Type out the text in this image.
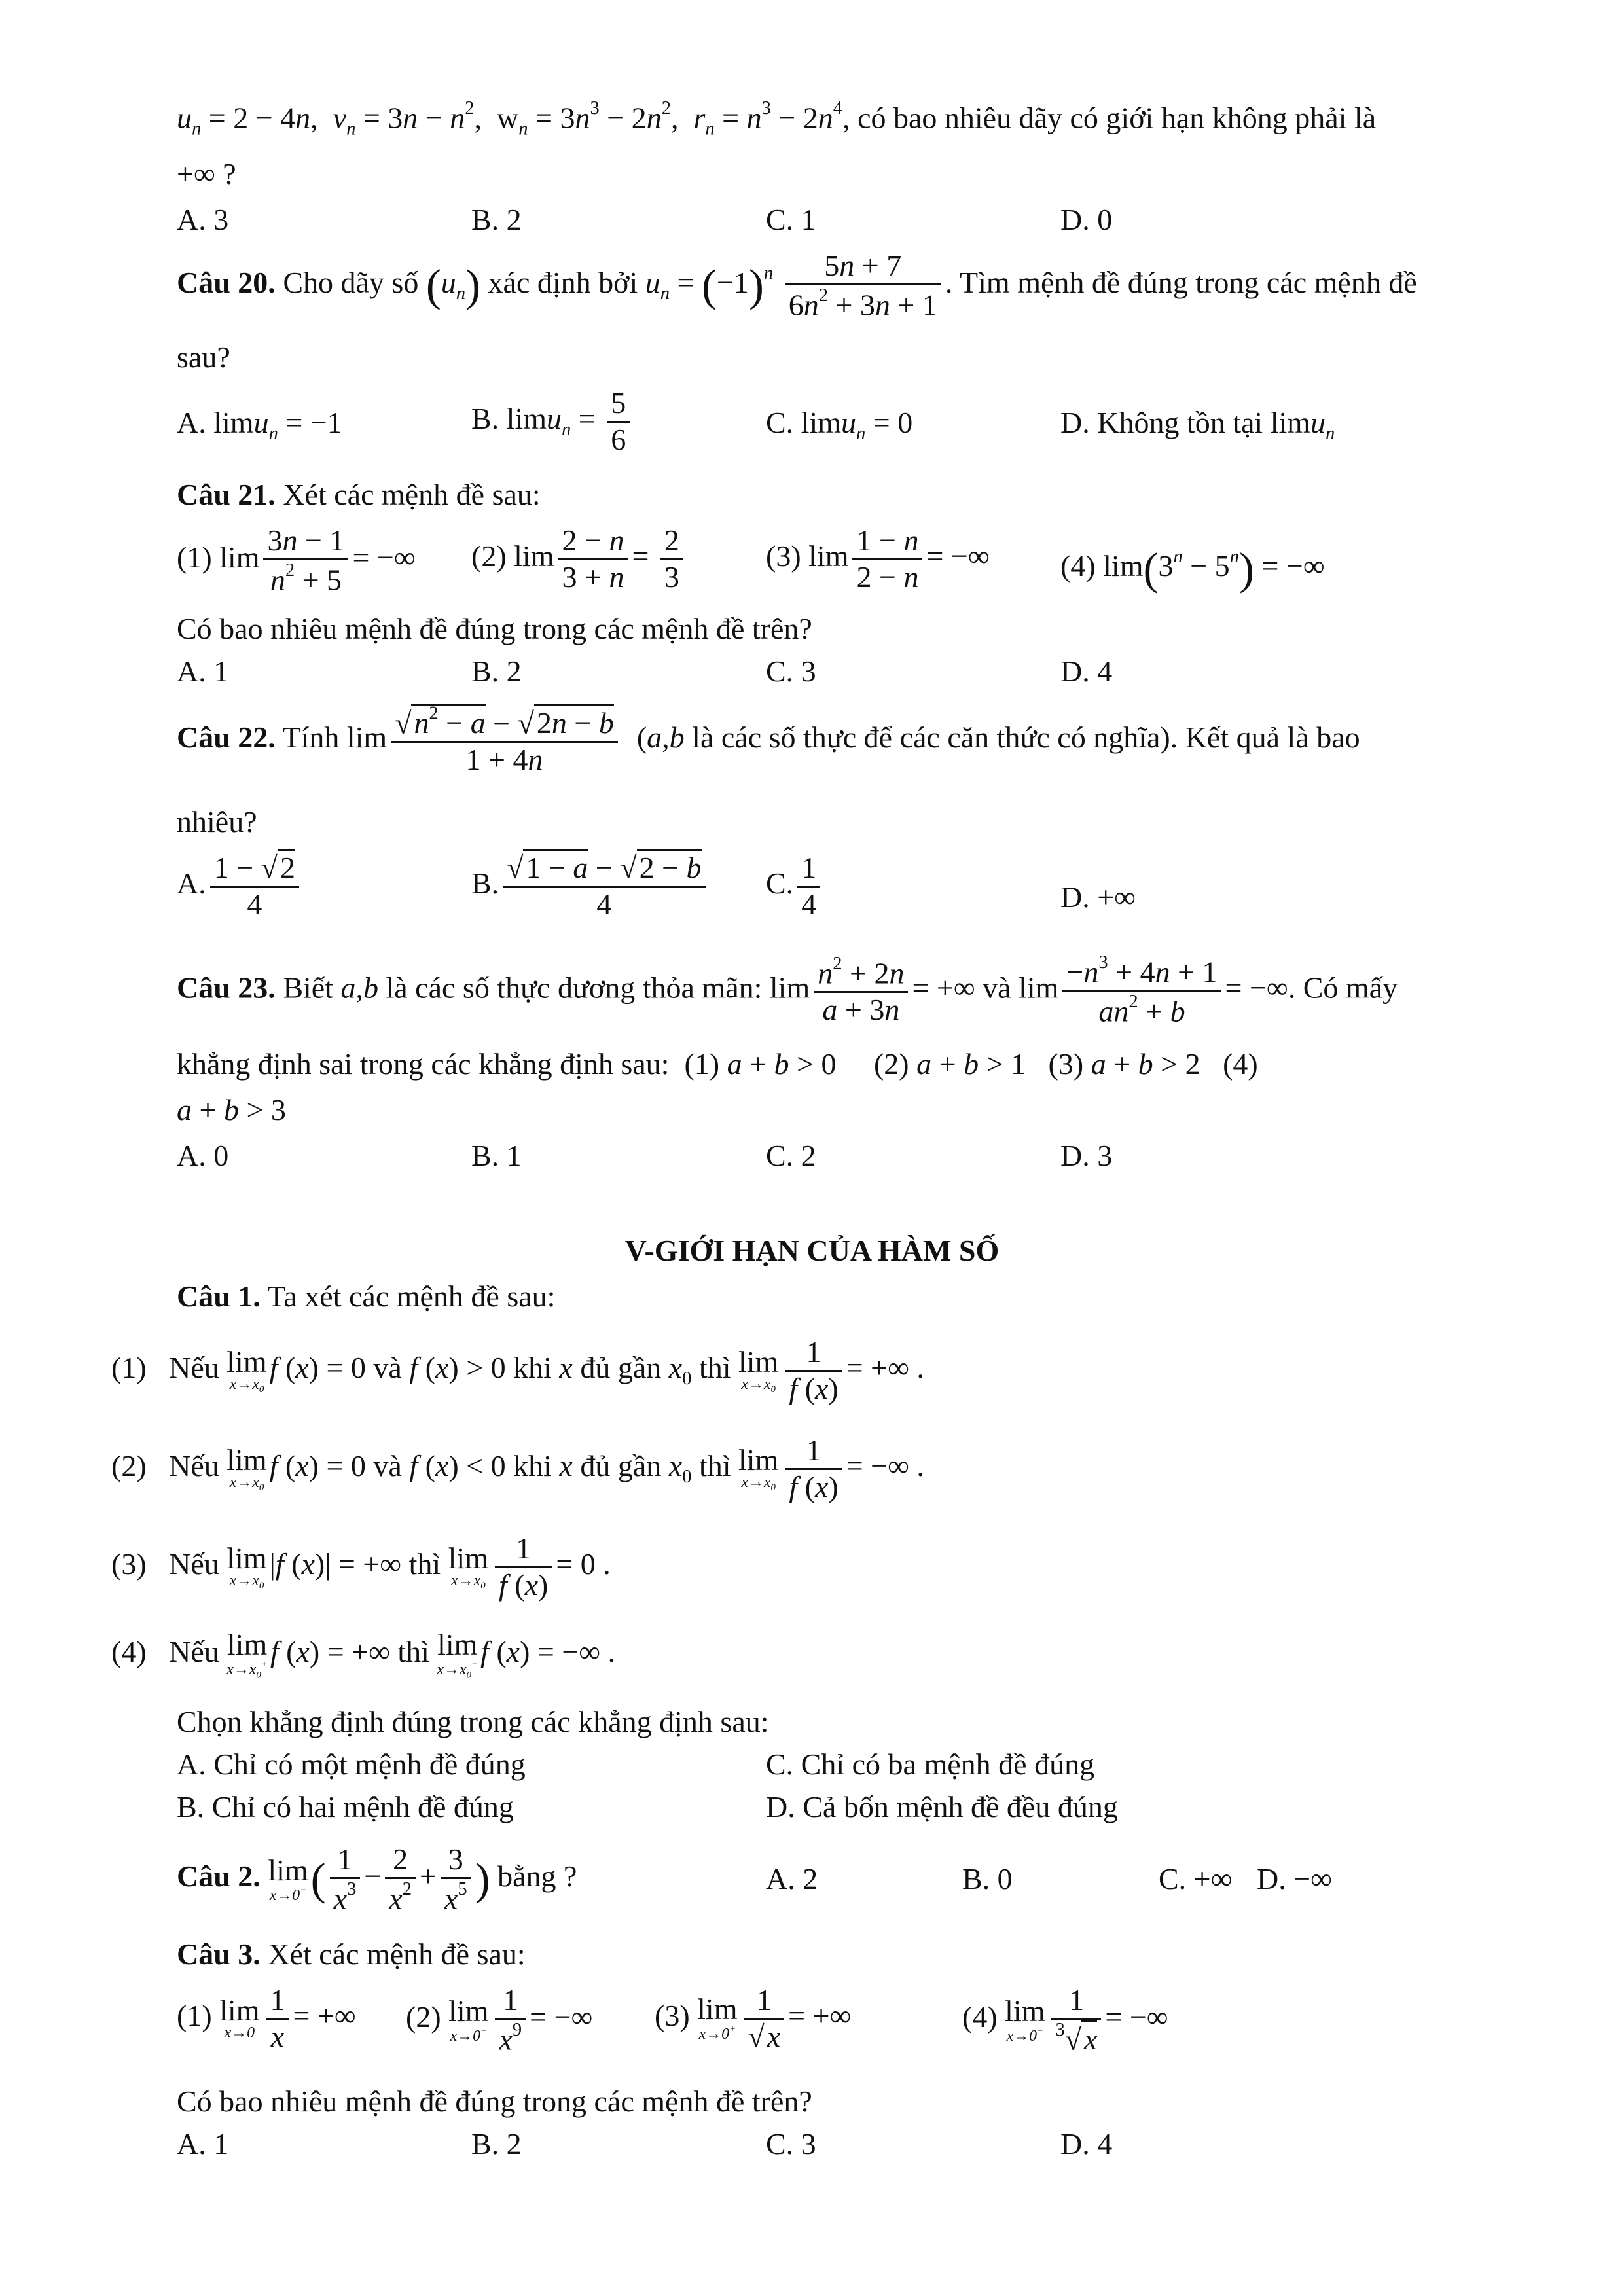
$u_n = 2 - 4n$,  $v_n = 3n - n^2$,  $w_n = 3n^3 - 2n^2$,  $r_n = n^3 - 2n^4$, có bao nhiêu dãy có giới hạn không phải là
+∞ ?
A. 3	B. 2	C. 1	D. 0
Câu 20. Cho dãy số $(u_n)$ xác định bởi $u_n = (-1)^n \frac{5n + 7}{6n^2 + 3n + 1}$ . Tìm mệnh đề đúng trong các mệnh đề
sau?
A. limu$_n$ = −1	B. $\lim u_n = \frac{5}{6}$	C. limu$_n$ = 0	D. Không tồn tại limu$_n$
Câu 21. Xét các mệnh đề sau:
(1) $\lim \frac{3n - 1}{n^2 + 5}$ = −∞ (2) $\lim \frac{2 - n}{3 + n} = \frac{2}{3}$	(3) $\lim \frac{1 - n}{2 - n}$ = −∞ (4) $\lim(3^n - 5^n)$ = −∞
Có bao nhiêu mệnh đề đúng trong các mệnh đề trên?
A. 1	B. 2	C. 3	D. 4
Câu 22. Tính $\lim \frac{√n^2 - a - √2n - b}{1 + 4n} (a,b$ là các số thực để các căn thức có nghĩa). Kết quả là bao
nhiêu?
A. $\frac{1 - √2}{4}$	B. $\frac{√1 - a - √2 - b}{4} C$. $\frac{1}{4}$	D. +∞
Câu 23. Biết a,b là các số thực dương thỏa mãn: $\lim \frac{n^2 + 2n}{a + 3n}$ = +∞ và $\lim \frac{-n^3 + 4n + 1}{an^2 + b}$ = −∞. Có mấy
khẳng định sai trong các khẳng định sau:  (1) a + b > 0     (2) a + b > 1   (3) a + b > 2   (4)
a + b > 3
A. 0	B. 1	C. 2	D. 3
V-GIỚI HẠN CỦA HÀM SỐ
Câu 1. Ta xét các mệnh đề sau:
(1)   Nếu lim
$x\to x_0$
f (x) = 0 và f (x) > 0 khi x đủ gần $x_0$ thì lim
$x\to x_0 \frac{1}{f (x)}$ = +∞ .
(2)   Nếu lim
$x\to x_0$
f (x) = 0 và f (x) < 0 khi x đủ gần $x_0$ thì lim
$x\to x_0 \frac{1}{f (x)}$ = −∞ .
(3)   Nếu lim
$x\to x_0$
|f (x)| = +∞ thì lim
$x\to x_0 \frac{1}{f (x)} = 0$ .
(4)   Nếu lim
$x\to x_0^+$ f (x) = +∞ thì lim
$x\to x_0^-$ f (x) = −∞ .
Chọn khẳng định đúng trong các khẳng định sau:
A. Chỉ có một mệnh đề đúng	C. Chỉ có ba mệnh đề đúng
B. Chỉ có hai mệnh đề đúng	D. Cả bốn mệnh đề đều đúng
Câu 2. lim
x→0− ( $\frac{1}{x^3} - \frac{2}{x^2} + \frac{3}{x^5}$ ) bằng ?	A. 2	B. 0	C. +∞ D. −∞
Câu 3. Xét các mệnh đề sau:
(1) lim
$x\to 0 \frac{1}{x}$ = +∞ (2) lim
$x\to 0^- \frac{1}{x^9}$ = −∞ (3) lim
$x\to 0^+ \frac{1}{√x}$ = +∞	(4) lim
$x\to 0^- \frac{1}{^3√x}$ = −∞
Có bao nhiêu mệnh đề đúng trong các mệnh đề trên?
A. 1	B. 2	C. 3	D. 4
